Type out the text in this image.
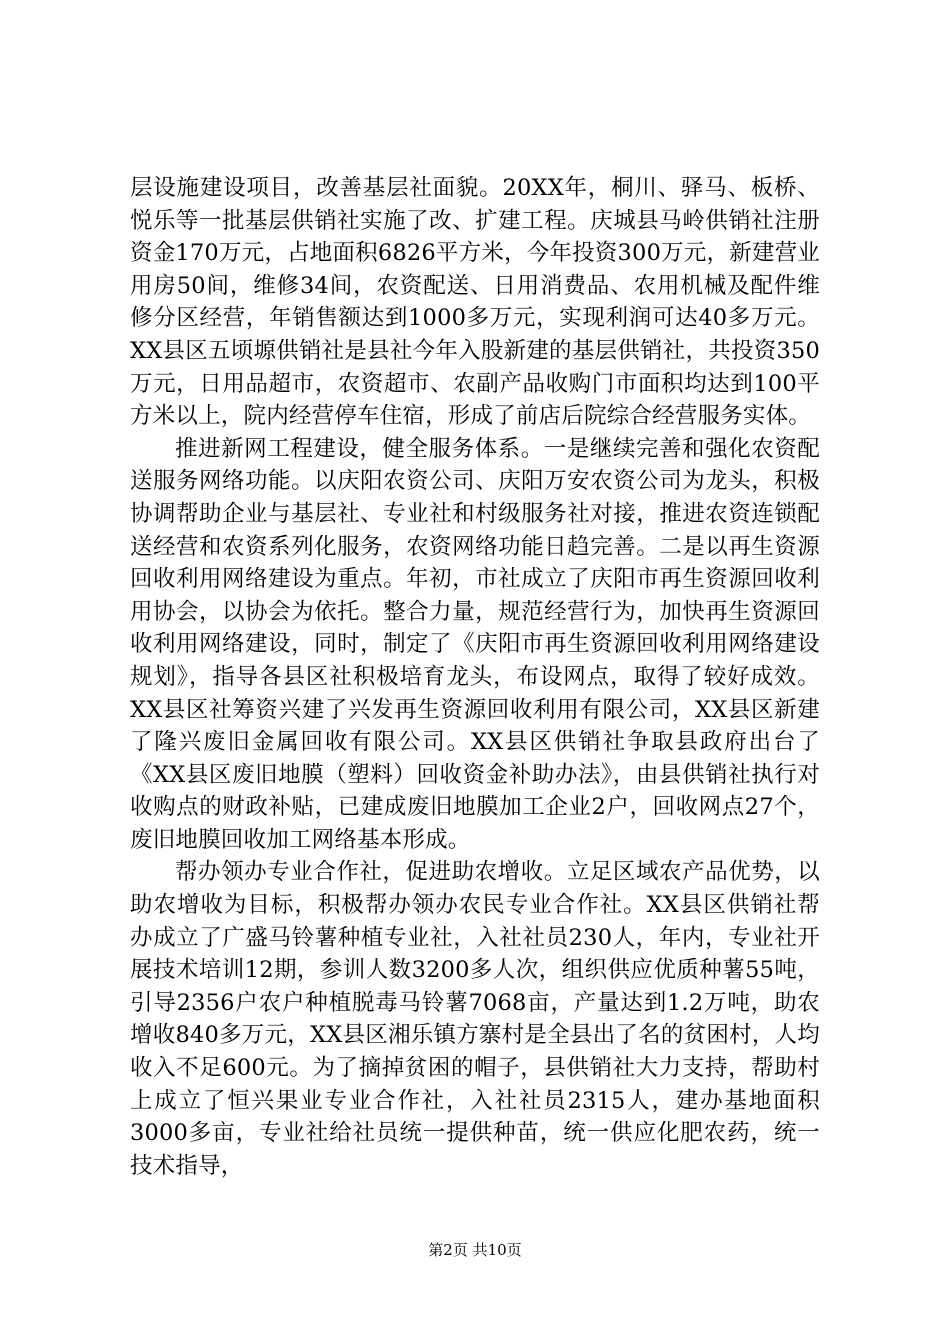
层设施建设项目，改善基层社面貌。20XX年，桐川、驿马、板桥、悦乐等一批基层供销社实施了改、扩建工程。庆城县马岭供销社注册资金170万元，占地面积6826平方米，今年投资300万元，新建营业用房50间，维修34间，农资配送、日用消费品、农用机械及配件维修分区经营，年销售额达到1000多万元，实现利润可达40多万元。XX县区五顷塬供销社是县社今年入股新建的基层供销社，共投资350万元，日用品超市，农资超市、农副产品收购门市面积均达到100平方米以上，院内经营停车住宿，形成了前店后院综合经营服务实体。

推进新网工程建设，健全服务体系。一是继续完善和强化农资配送服务网络功能。以庆阳农资公司、庆阳万安农资公司为龙头，积极协调帮助企业与基层社、专业社和村级服务社对接，推进农资连锁配送经营和农资系列化服务，农资网络功能日趋完善。二是以再生资源回收利用网络建设为重点。年初，市社成立了庆阳市再生资源回收利用协会，以协会为依托。整合力量，规范经营行为，加快再生资源回收利用网络建设，同时，制定了《庆阳市再生资源回收利用网络建设规划》，指导各县区社积极培育龙头，布设网点，取得了较好成效。XX县区社筹资兴建了兴发再生资源回收利用有限公司，XX县区新建了隆兴废旧金属回收有限公司。XX县区供销社争取县政府出台了《XX县区废旧地膜（塑料）回收资金补助办法》，由县供销社执行对收购点的财政补贴，已建成废旧地膜加工企业2户，回收网点27个，废旧地膜回收加工网络基本形成。

帮办领办专业合作社，促进助农增收。立足区域农产品优势，以助农增收为目标，积极帮办领办农民专业合作社。XX县区供销社帮办成立了广盛马铃薯种植专业社，入社社员230人，年内，专业社开展技术培训12期，参训人数3200多人次，组织供应优质种薯55吨，引导2356户农户种植脱毒马铃薯7068亩，产量达到1.2万吨，助农增收840多万元，XX县区湘乐镇方寨村是全县出了名的贫困村，人均收入不足600元。为了摘掉贫困的帽子，县供销社大力支持，帮助村上成立了恒兴果业专业合作社，入社社员2315人，建办基地面积3000多亩，专业社给社员统一提供种苗，统一供应化肥农药，统一技术指导，

第2页 共10页
